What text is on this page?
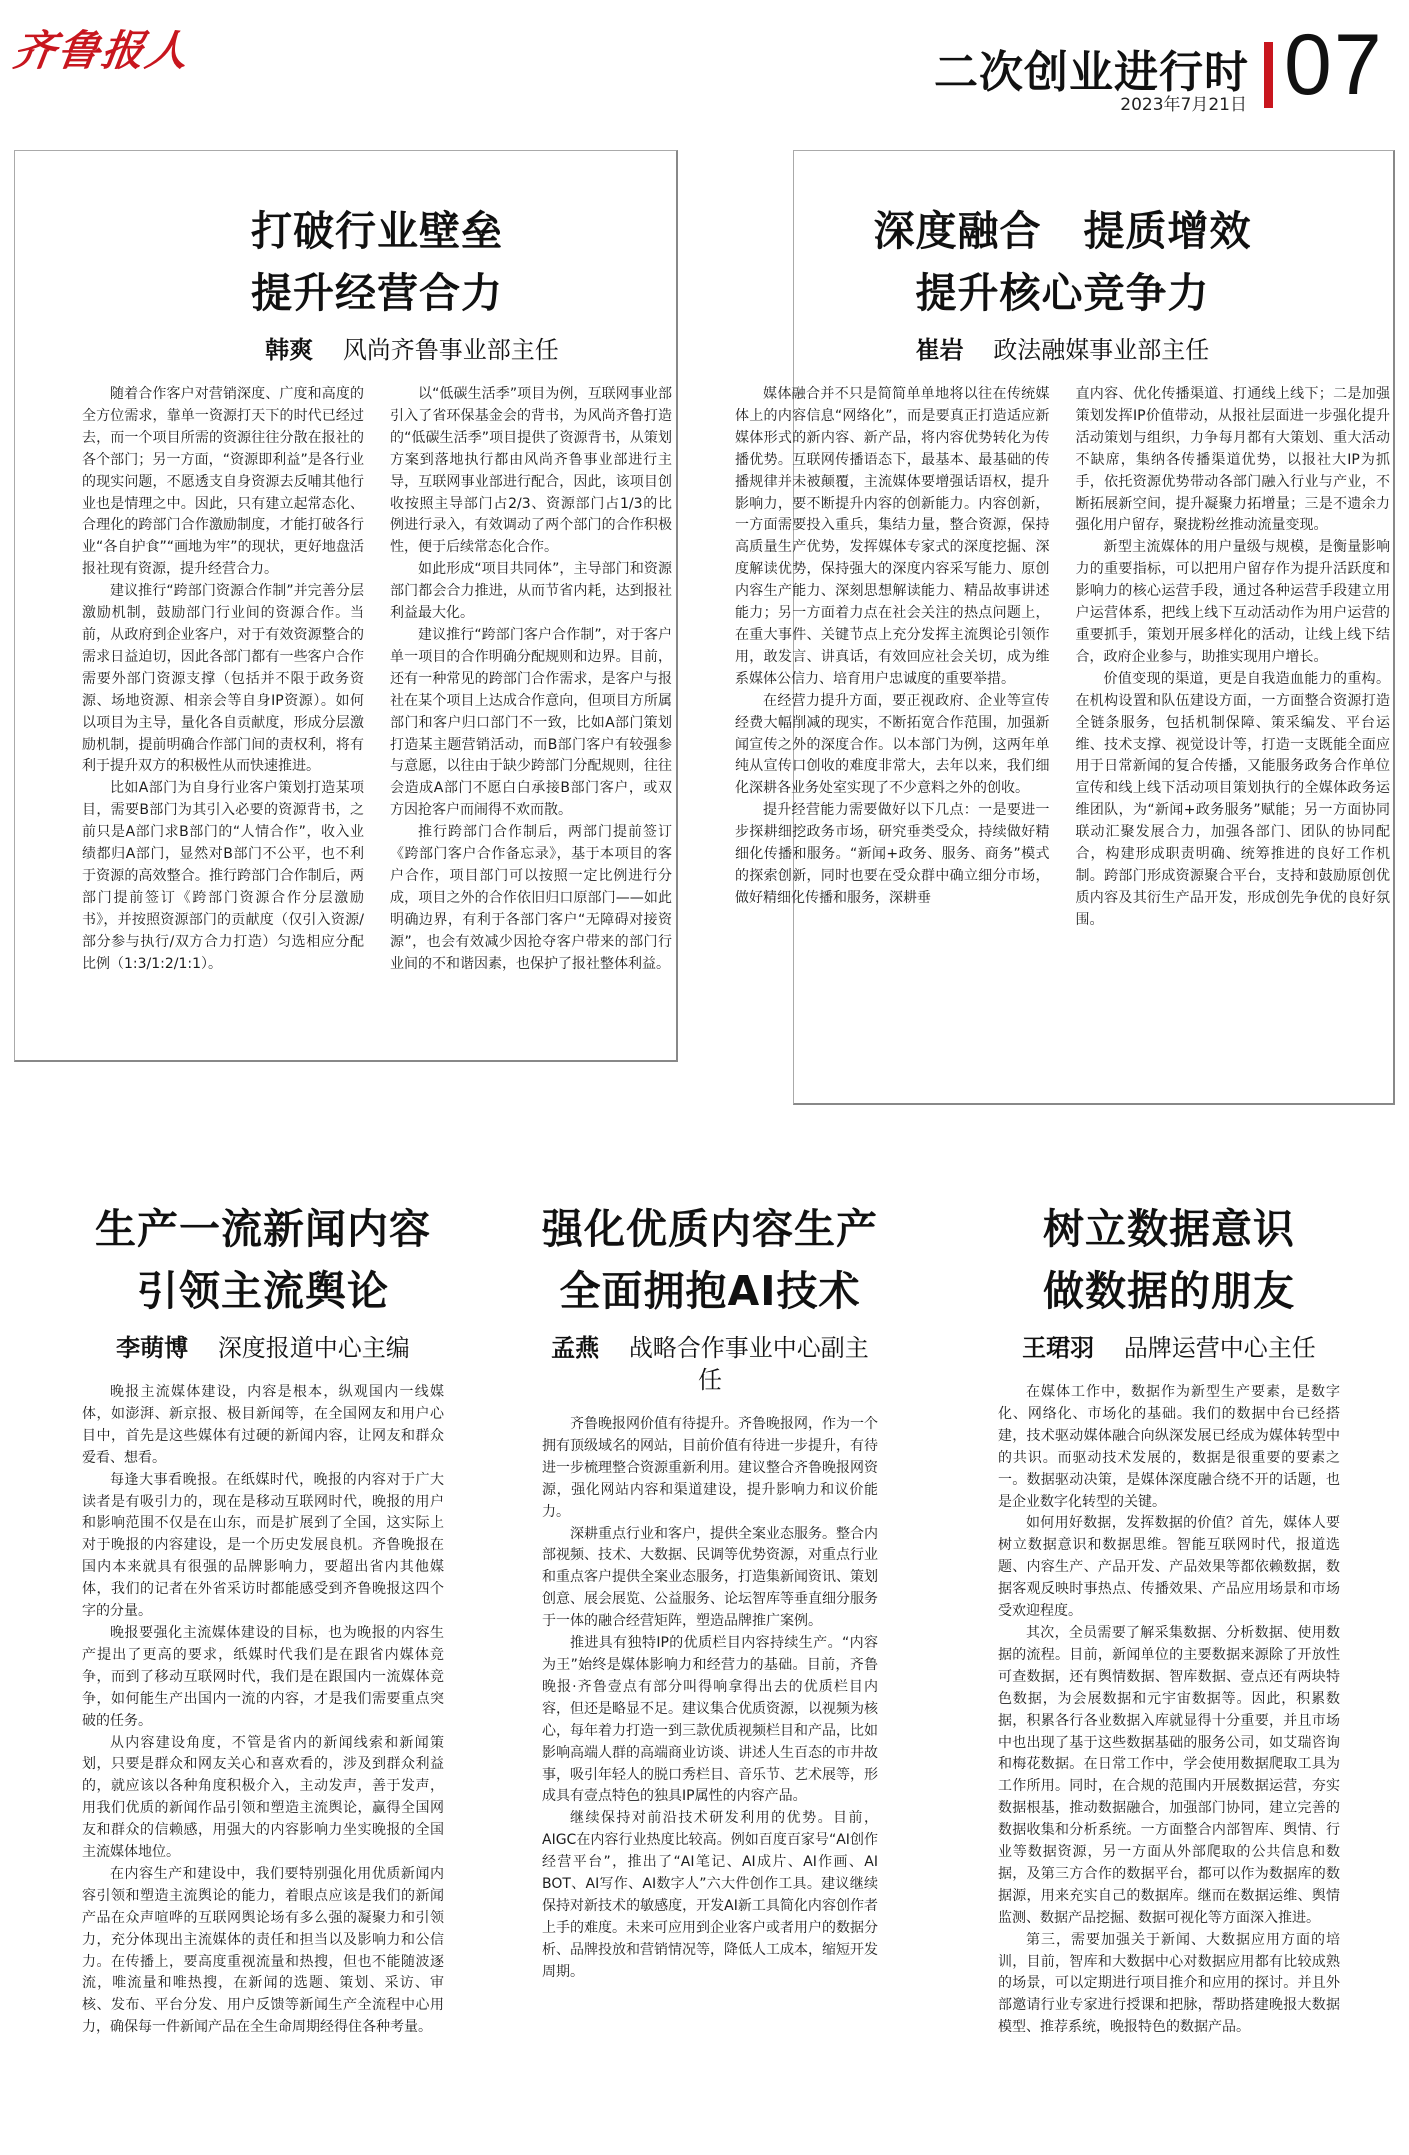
齐鲁报人	二次创业进行时
2023年7月21日 07
打破行业壁垒
提升经营合力
韩爽 风尚齐鲁事业部主任

随着合作客户对营销深度、广度和高度的全方位需求，靠单一资源打天下的时代已经过去，而一个项目所需的资源往往分散在报社的各个部门；另一方面，“资源即利益”是各行业的现实问题，不愿透支自身资源去反哺其他行业也是情理之中。因此，只有建立起常态化、合理化的跨部门合作激励制度，才能打破各行业“各自护食”“画地为牢”的现状，更好地盘活报社现有资源，提升经营合力。

建议推行“跨部门资源合作制”并完善分层激励机制，鼓励部门行业间的资源合作。当前，从政府到企业客户，对于有效资源整合的需求日益迫切，因此各部门都有一些客户合作需要外部门资源支撑（包括并不限于政务资源、场地资源、相亲会等自身IP资源）。如何以项目为主导，量化各自贡献度，形成分层激励机制，提前明确合作部门间的责权利，将有利于提升双方的积极性从而快速推进。

比如A部门为自身行业客户策划打造某项目，需要B部门为其引入必要的资源背书，之前只是A部门求B部门的“人情合作”，收入业绩都归A部门，显然对B部门不公平，也不利于资源的高效整合。推行跨部门合作制后，两部门提前签订《跨部门资源合作分层激励书》，并按照资源部门的贡献度（仅引入资源/部分参与执行/双方合力打造）匀选相应分配比例（1:3/1:2/1:1）。

以“低碳生活季”项目为例，互联网事业部引入了省环保基金会的背书，为风尚齐鲁打造的“低碳生活季”项目提供了资源背书，从策划方案到落地执行都由风尚齐鲁事业部进行主导，互联网事业部进行配合，因此，该项目创收按照主导部门占2/3、资源部门占1/3的比例进行录入，有效调动了两个部门的合作积极性，便于后续常态化合作。

如此形成“项目共同体”，主导部门和资源部门都会合力推进，从而节省内耗，达到报社利益最大化。

建议推行“跨部门客户合作制”，对于客户单一项目的合作明确分配规则和边界。目前，还有一种常见的跨部门合作需求，是客户与报社在某个项目上达成合作意向，但项目方所属部门和客户归口部门不一致，比如A部门策划打造某主题营销活动，而B部门客户有较强参与意愿，以往由于缺少跨部门分配规则，往往会造成A部门不愿白白承接B部门客户，或双方因抢客户而闹得不欢而散。

推行跨部门合作制后，两部门提前签订《跨部门客户合作备忘录》，基于本项目的客户合作，项目部门可以按照一定比例进行分成，项目之外的合作依旧归口原部门——如此明确边界，有利于各部门客户“无障碍对接资源”，也会有效减少因抢夺客户带来的部门行业间的不和谐因素，也保护了报社整体利益。

深度融合　提质增效
提升核心竞争力
崔岩 政法融媒事业部主任

媒体融合并不只是简简单单地将以往在传统媒体上的内容信息“网络化”，而是要真正打造适应新媒体形式的新内容、新产品，将内容优势转化为传播优势。互联网传播语态下，最基本、最基础的传播规律并未被颠覆，主流媒体要增强话语权，提升影响力，要不断提升内容的创新能力。内容创新，一方面需要投入重兵，集结力量，整合资源，保持高质量生产优势，发挥媒体专家式的深度挖掘、深度解读优势，保持强大的深度内容采写能力、原创内容生产能力、深刻思想解读能力、精品故事讲述能力；另一方面着力点在社会关注的热点问题上，在重大事件、关键节点上充分发挥主流舆论引领作用，敢发言、讲真话，有效回应社会关切，成为维系媒体公信力、培育用户忠诚度的重要举措。

在经营力提升方面，要正视政府、企业等宣传经费大幅削减的现实，不断拓宽合作范围，加强新闻宣传之外的深度合作。以本部门为例，这两年单纯从宣传口创收的难度非常大，去年以来，我们细化深耕各业务处室实现了不少意料之外的创收。

提升经营能力需要做好以下几点：一是要进一步探耕细挖政务市场，研究垂类受众，持续做好精细化传播和服务。“新闻+政务、服务、商务”模式的探索创新，同时也要在受众群中确立细分市场，做好精细化传播和服务，深耕垂

直内容、优化传播渠道、打通线上线下；二是加强策划发挥IP价值带动，从报社层面进一步强化提升活动策划与组织，力争每月都有大策划、重大活动不缺席，集纳各传播渠道优势，以报社大IP为抓手，依托资源优势带动各部门融入行业与产业，不断拓展新空间，提升凝聚力拓增量；三是不遗余力强化用户留存，聚拢粉丝推动流量变现。

新型主流媒体的用户量级与规模，是衡量影响力的重要指标，可以把用户留存作为提升活跃度和影响力的核心运营手段，通过各种运营手段建立用户运营体系，把线上线下互动活动作为用户运营的重要抓手，策划开展多样化的活动，让线上线下结合，政府企业参与，助推实现用户增长。

价值变现的渠道，更是自我造血能力的重构。在机构设置和队伍建设方面，一方面整合资源打造全链条服务，包括机制保障、策采编发、平台运维、技术支撑、视觉设计等，打造一支既能全面应用于日常新闻的复合传播，又能服务政务合作单位宣传和线上线下活动项目策划执行的全媒体政务运维团队，为“新闻+政务服务”赋能；另一方面协同联动汇聚发展合力，加强各部门、团队的协同配合，构建形成职责明确、统筹推进的良好工作机制。跨部门形成资源聚合平台，支持和鼓励原创优质内容及其衍生产品开发，形成创先争优的良好氛围。

生产一流新闻内容
引领主流舆论
李萌博 深度报道中心主编

晚报主流媒体建设，内容是根本，纵观国内一线媒体，如澎湃、新京报、极目新闻等，在全国网友和用户心目中，首先是这些媒体有过硬的新闻内容，让网友和群众爱看、想看。

每逢大事看晚报。在纸媒时代，晚报的内容对于广大读者是有吸引力的，现在是移动互联网时代，晚报的用户和影响范围不仅是在山东，而是扩展到了全国，这实际上对于晚报的内容建设，是一个历史发展良机。齐鲁晚报在国内本来就具有很强的品牌影响力，要超出省内其他媒体，我们的记者在外省采访时都能感受到齐鲁晚报这四个字的分量。

晚报要强化主流媒体建设的目标，也为晚报的内容生产提出了更高的要求，纸媒时代我们是在跟省内媒体竞争，而到了移动互联网时代，我们是在跟国内一流媒体竞争，如何能生产出国内一流的内容，才是我们需要重点突破的任务。

从内容建设角度，不管是省内的新闻线索和新闻策划，只要是群众和网友关心和喜欢看的，涉及到群众利益的，就应该以各种角度积极介入，主动发声，善于发声，用我们优质的新闻作品引领和塑造主流舆论，赢得全国网友和群众的信赖感，用强大的内容影响力坐实晚报的全国主流媒体地位。

在内容生产和建设中，我们要特别强化用优质新闻内容引领和塑造主流舆论的能力，着眼点应该是我们的新闻产品在众声喧哗的互联网舆论场有多么强的凝聚力和引领力，充分体现出主流媒体的责任和担当以及影响力和公信力。在传播上，要高度重视流量和热搜，但也不能随波逐流，唯流量和唯热搜，在新闻的选题、策划、采访、审核、发布、平台分发、用户反馈等新闻生产全流程中心用力，确保每一件新闻产品在全生命周期经得住各种考量。

强化优质内容生产
全面拥抱AI技术
孟燕 战略合作事业中心副主任

齐鲁晚报网价值有待提升。齐鲁晚报网，作为一个拥有顶级域名的网站，目前价值有待进一步提升，有待进一步梳理整合资源重新利用。建议整合齐鲁晚报网资源，强化网站内容和渠道建设，提升影响力和议价能力。

深耕重点行业和客户，提供全案业态服务。整合内部视频、技术、大数据、民调等优势资源，对重点行业和重点客户提供全案业态服务，打造集新闻资讯、策划创意、展会展览、公益服务、论坛智库等垂直细分服务于一体的融合经营矩阵，塑造品牌推广案例。

推进具有独特IP的优质栏目内容持续生产。“内容为王”始终是媒体影响力和经营力的基础。目前，齐鲁晚报·齐鲁壹点有部分叫得响拿得出去的优质栏目内容，但还是略显不足。建议集合优质资源，以视频为核心，每年着力打造一到三款优质视频栏目和产品，比如影响高端人群的高端商业访谈、讲述人生百态的市井故事，吸引年轻人的脱口秀栏目、音乐节、艺术展等，形成具有壹点特色的独具IP属性的内容产品。

继续保持对前沿技术研发利用的优势。目前，AIGC在内容行业热度比较高。例如百度百家号“AI创作经营平台”，推出了“AI笔记、AI成片、AI作画、AI BOT、AI写作、AI数字人”六大件创作工具。建议继续保持对新技术的敏感度，开发AI新工具简化内容创作者上手的难度。未来可应用到企业客户或者用户的数据分析、品牌投放和营销情况等，降低人工成本，缩短开发周期。

树立数据意识
做数据的朋友
王珺羽 品牌运营中心主任

在媒体工作中，数据作为新型生产要素，是数字化、网络化、市场化的基础。我们的数据中台已经搭建，技术驱动媒体融合向纵深发展已经成为媒体转型中的共识。而驱动技术发展的，数据是很重要的要素之一。数据驱动决策，是媒体深度融合绕不开的话题，也是企业数字化转型的关键。

如何用好数据，发挥数据的价值？首先，媒体人要树立数据意识和数据思维。智能互联网时代，报道选题、内容生产、产品开发、产品效果等都依赖数据，数据客观反映时事热点、传播效果、产品应用场景和市场受欢迎程度。

其次，全员需要了解采集数据、分析数据、使用数据的流程。目前，新闻单位的主要数据来源除了开放性可查数据，还有舆情数据、智库数据、壹点还有两块特色数据，为会展数据和元宇宙数据等。因此，积累数据，积累各行各业数据入库就显得十分重要，并且市场中也出现了基于这些数据基础的服务公司，如艾瑞咨询和梅花数据。在日常工作中，学会使用数据爬取工具为工作所用。同时，在合规的范围内开展数据运营，夯实数据根基，推动数据融合，加强部门协同，建立完善的数据收集和分析系统。一方面整合内部智库、舆情、行业等数据资源，另一方面从外部爬取的公共信息和数据，及第三方合作的数据平台，都可以作为数据库的数据源，用来充实自己的数据库。继而在数据运维、舆情监测、数据产品挖掘、数据可视化等方面深入推进。

第三，需要加强关于新闻、大数据应用方面的培训，目前，智库和大数据中心对数据应用都有比较成熟的场景，可以定期进行项目推介和应用的探讨。并且外部邀请行业专家进行授课和把脉，帮助搭建晚报大数据模型、推荐系统，晚报特色的数据产品。
